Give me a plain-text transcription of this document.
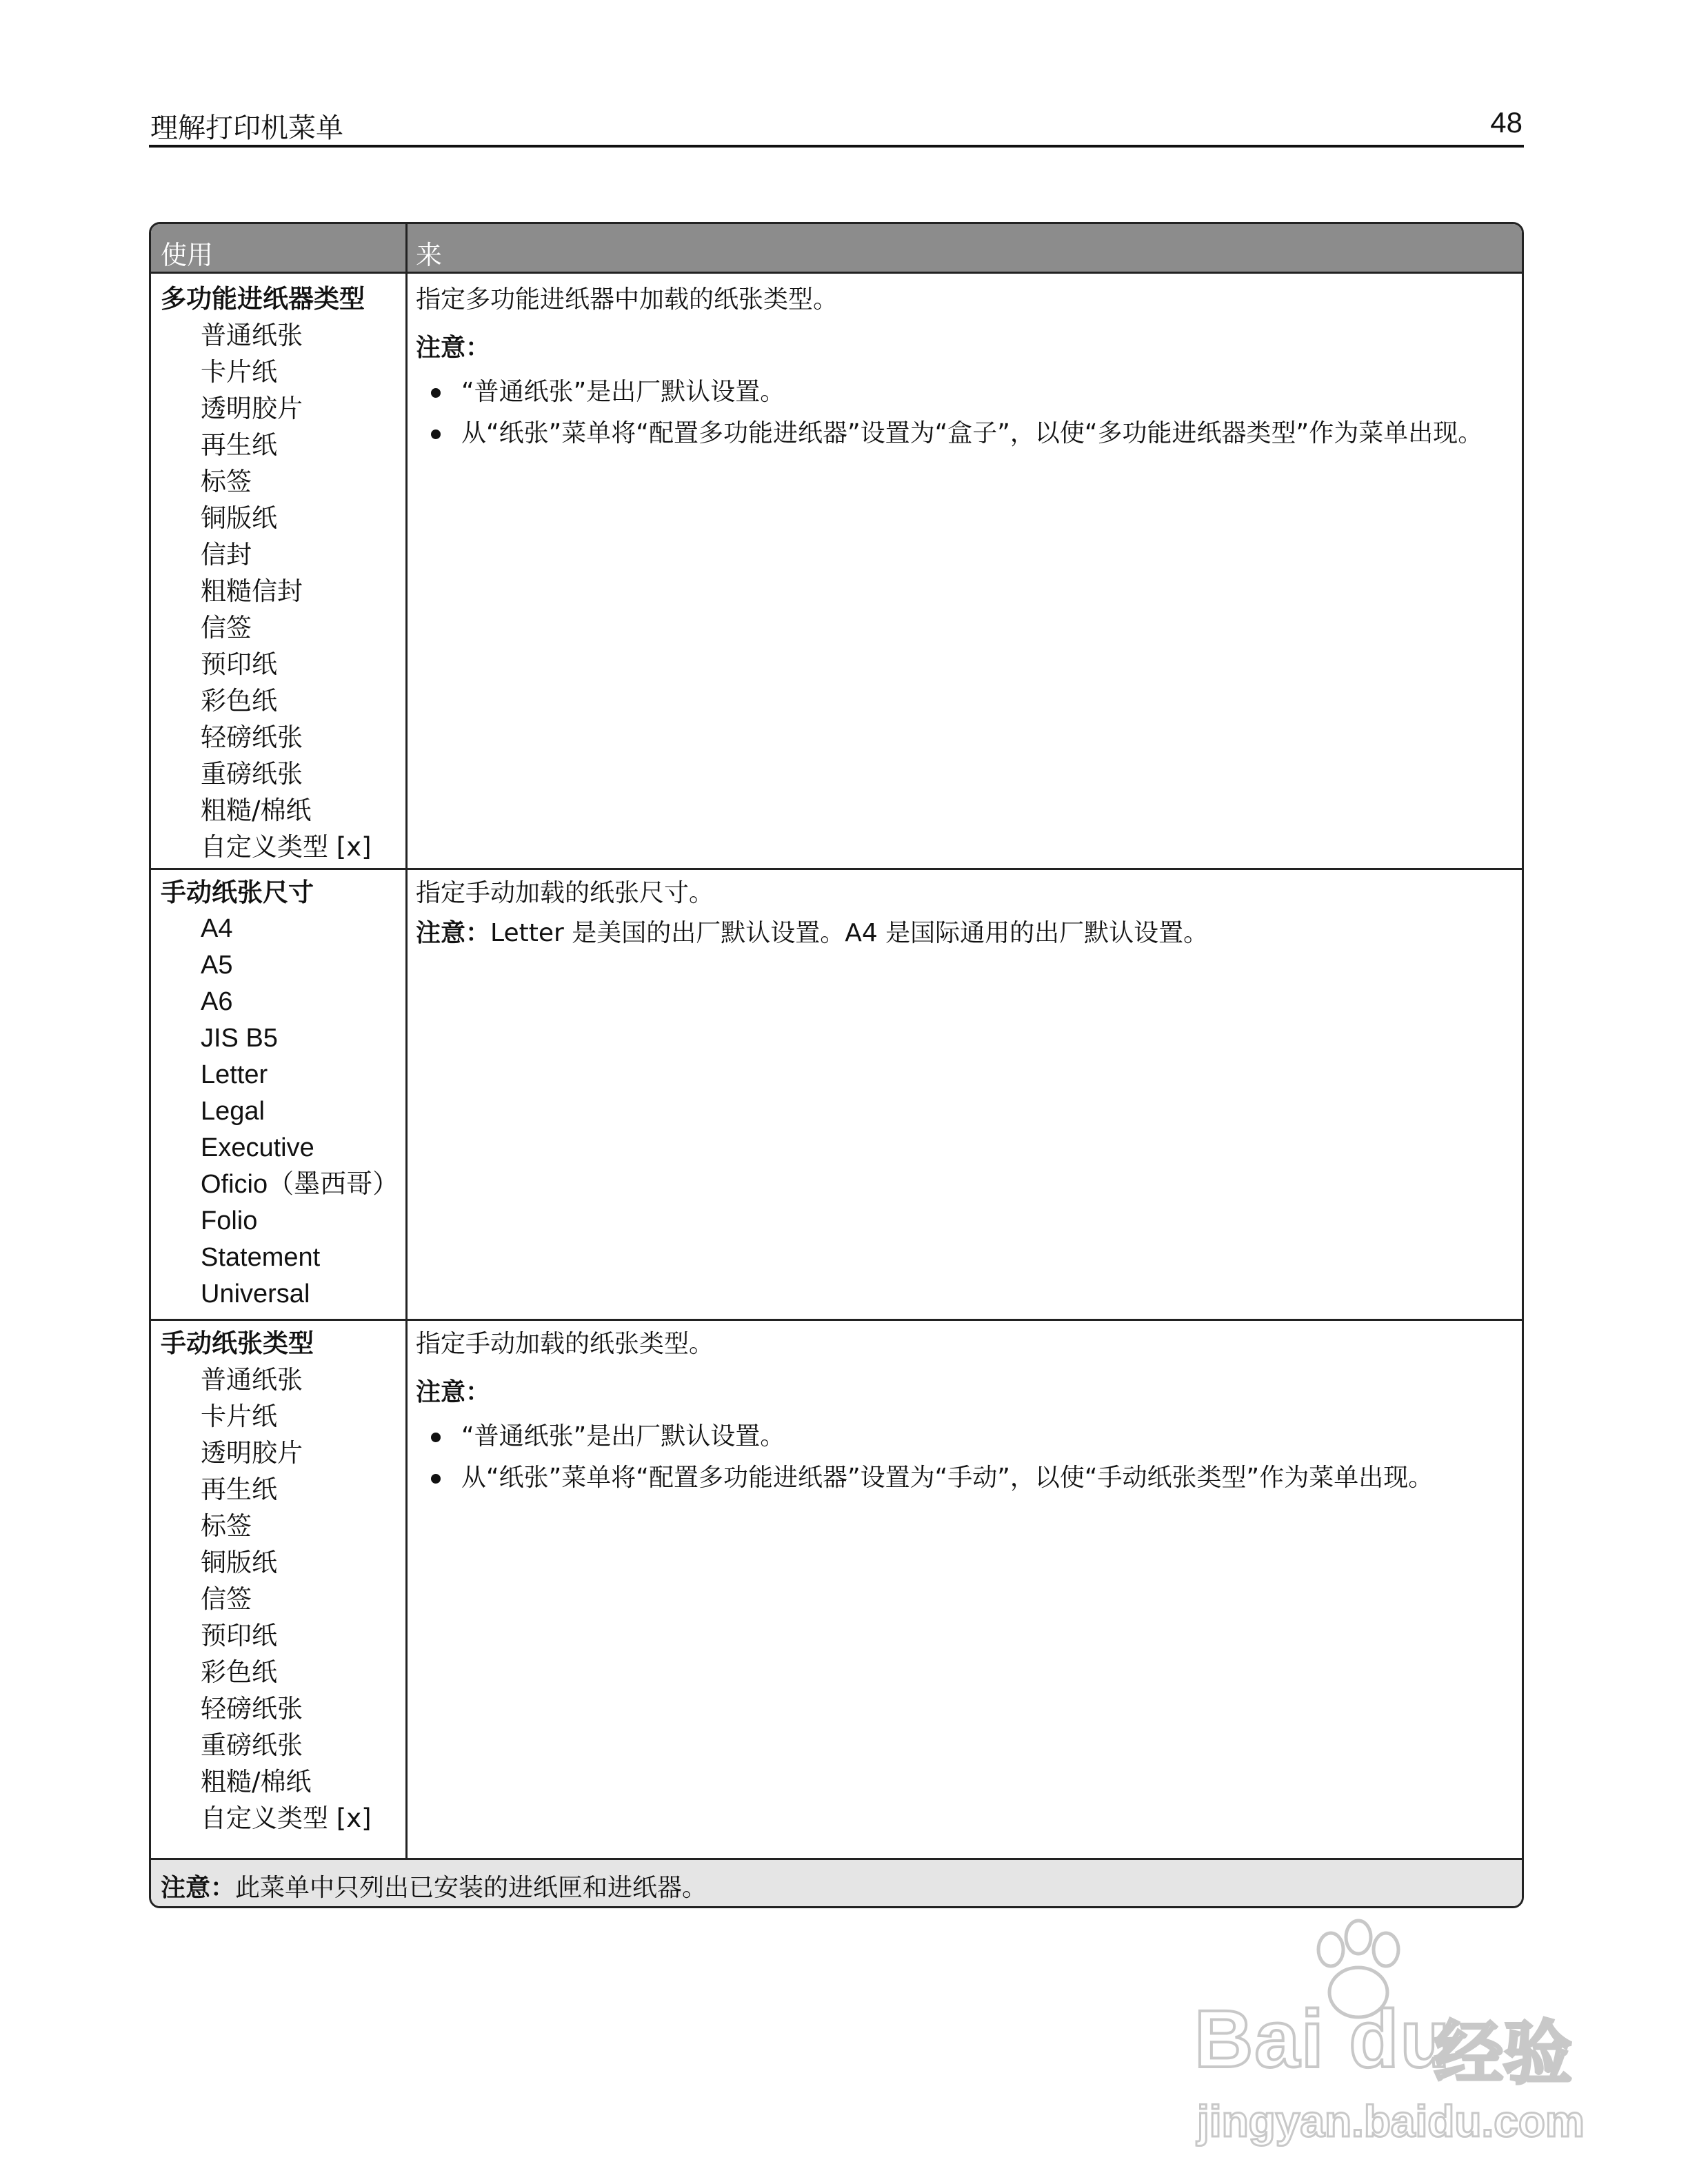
理解打印机菜单	48
使用	来
多功能进纸器类型
普通纸张
卡片纸
透明胶片
再生纸
标签
铜版纸
信封
粗糙信封
信签
预印纸
彩色纸
轻磅纸张
重磅纸张
粗糙/棉纸
自定义类型 [x]
指定多功能进纸器中加载的纸张类型。
注意：
“普通纸张”是出厂默认设置。
从“纸张”菜单将“配置多功能进纸器”设置为“盒子”，以使“多功能进纸器类型”作为菜单出现。
手动纸张尺寸
A4
A5
A6
JIS B5
Letter
Legal
Executive
Oficio（墨西哥）
Folio
Statement
Universal
指定手动加载的纸张尺寸。
注意：Letter 是美国的出厂默认设置。A4 是国际通用的出厂默认设置。
手动纸张类型
普通纸张
卡片纸
透明胶片
再生纸
标签
铜版纸
信签
预印纸
彩色纸
轻磅纸张
重磅纸张
粗糙/棉纸
自定义类型 [x]
指定手动加载的纸张类型。
注意：
“普通纸张”是出厂默认设置。
从“纸张”菜单将“配置多功能进纸器”设置为“手动”，以使“手动纸张类型”作为菜单出现。
注意：此菜单中只列出已安装的进纸匣和进纸器。
Bai du
经验
jingyan.baidu.com
